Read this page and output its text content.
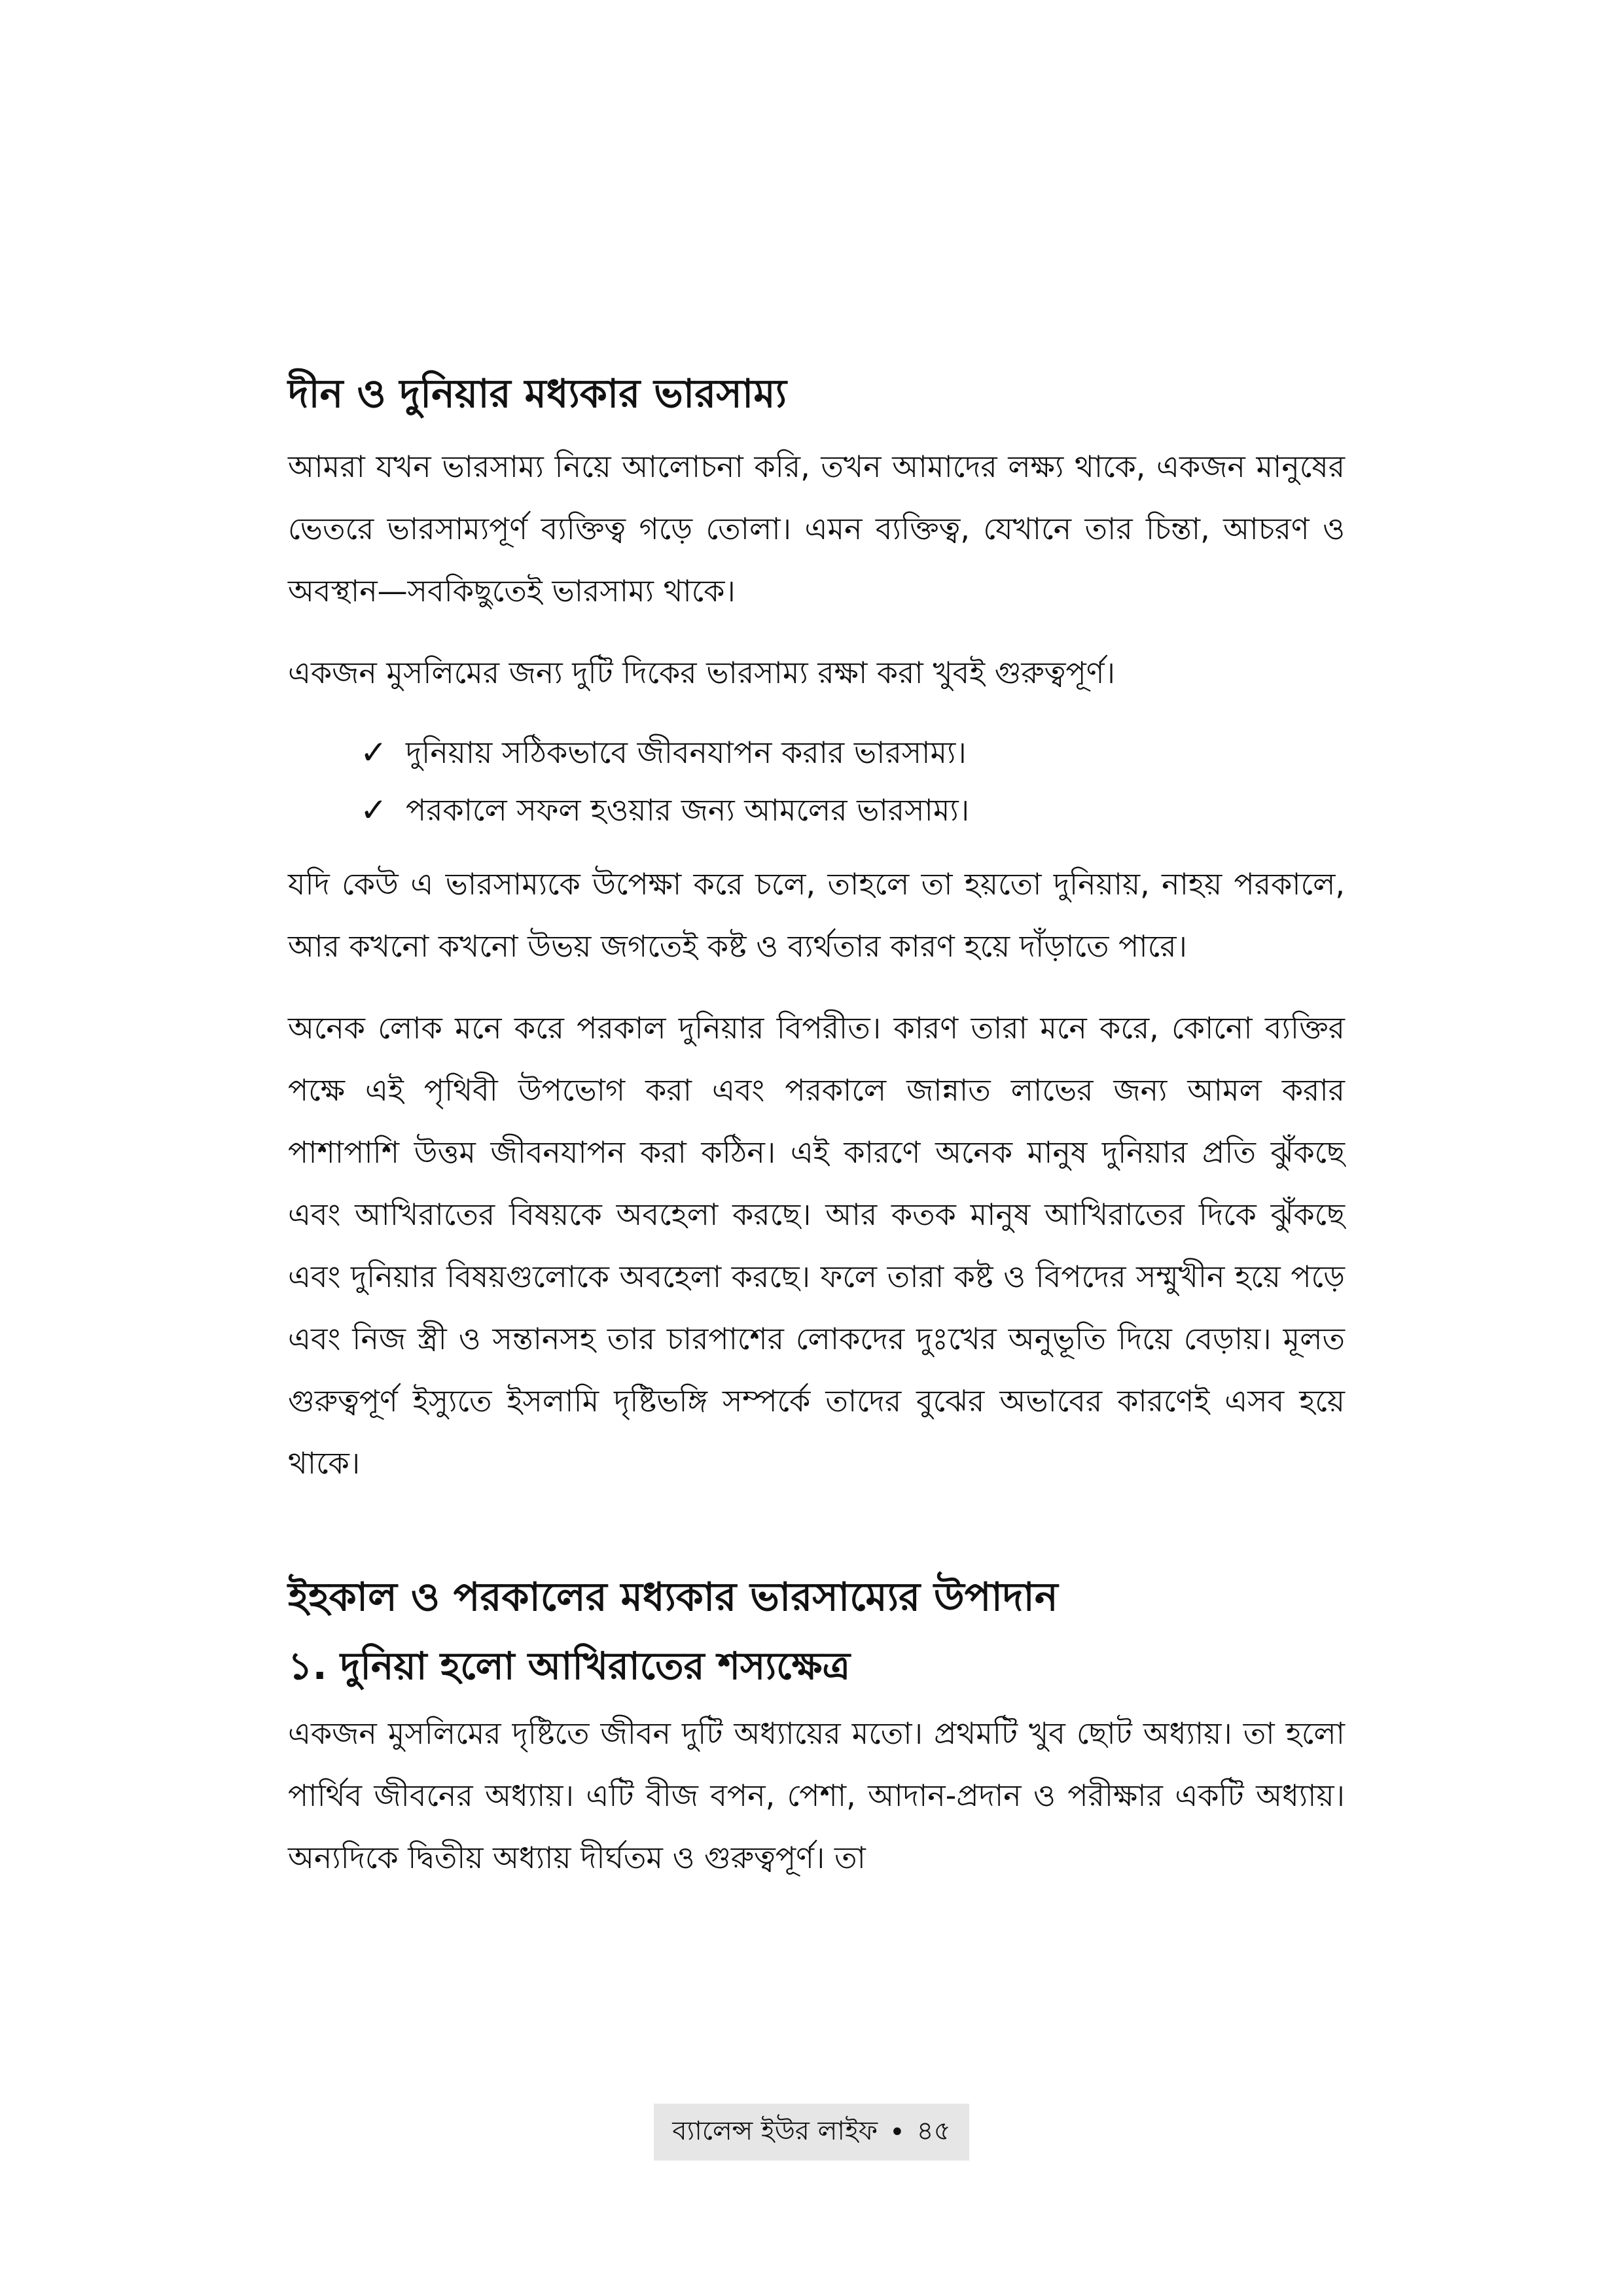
দীন ও দুনিয়ার মধ্যকার ভারসাম্য

আমরা যখন ভারসাম্য নিয়ে আলোচনা করি, তখন আমাদের লক্ষ্য থাকে, একজন মানুষের ভেতরে ভারসাম্যপূর্ণ ব্যক্তিত্ব গড়ে তোলা। এমন ব্যক্তিত্ব, যেখানে তার চিন্তা, আচরণ ও অবস্থান—সবকিছুতেই ভারসাম্য থাকে।

একজন মুসলিমের জন্য দুটি দিকের ভারসাম্য রক্ষা করা খুবই গুরুত্বপূর্ণ।

✓ দুনিয়ায় সঠিকভাবে জীবনযাপন করার ভারসাম্য।
✓ পরকালে সফল হওয়ার জন্য আমলের ভারসাম্য।

যদি কেউ এ ভারসাম্যকে উপেক্ষা করে চলে, তাহলে তা হয়তো দুনিয়ায়, নাহয় পরকালে, আর কখনো কখনো উভয় জগতেই কষ্ট ও ব্যর্থতার কারণ হয়ে দাঁড়াতে পারে।

অনেক লোক মনে করে পরকাল দুনিয়ার বিপরীত। কারণ তারা মনে করে, কোনো ব্যক্তির পক্ষে এই পৃথিবী উপভোগ করা এবং পরকালে জান্নাত লাভের জন্য আমল করার পাশাপাশি উত্তম জীবনযাপন করা কঠিন। এই কারণে অনেক মানুষ দুনিয়ার প্রতি ঝুঁকছে এবং আখিরাতের বিষয়কে অবহেলা করছে। আর কতক মানুষ আখিরাতের দিকে ঝুঁকছে এবং দুনিয়ার বিষয়গুলোকে অবহেলা করছে। ফলে তারা কষ্ট ও বিপদের সম্মুখীন হয়ে পড়ে এবং নিজ স্ত্রী ও সন্তানসহ তার চারপাশের লোকদের দুঃখের অনুভূতি দিয়ে বেড়ায়। মূলত গুরুত্বপূর্ণ ইস্যুতে ইসলামি দৃষ্টিভঙ্গি সম্পর্কে তাদের বুঝের অভাবের কারণেই এসব হয়ে থাকে।

ইহকাল ও পরকালের মধ্যকার ভারসাম্যের উপাদান
১. দুনিয়া হলো আখিরাতের শস্যক্ষেত্র

একজন মুসলিমের দৃষ্টিতে জীবন দুটি অধ্যায়ের মতো। প্রথমটি খুব ছোট অধ্যায়। তা হলো পার্থিব জীবনের অধ্যায়। এটি বীজ বপন, পেশা, আদান-প্রদান ও পরীক্ষার একটি অধ্যায়। অন্যদিকে দ্বিতীয় অধ্যায় দীর্ঘতম ও গুরুত্বপূর্ণ। তা

ব্যালেন্স ইউর লাইফ • ৪৫
